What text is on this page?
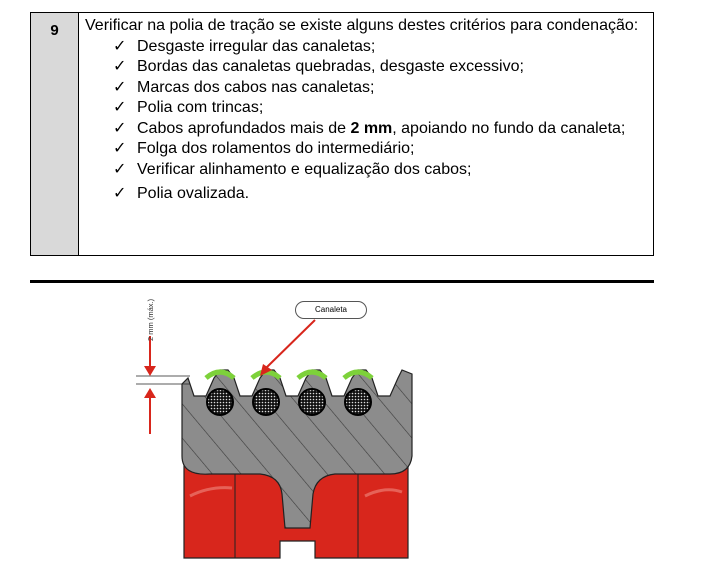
9	Verificar na polia de tração se existe alguns destes critérios para condenação:
✓ Desgaste irregular das canaletas;
✓ Bordas das canaletas quebradas, desgaste excessivo;
✓ Marcas dos cabos nas canaletas;
✓ Polia com trincas;
✓ Cabos aprofundados mais de 2 mm, apoiando no fundo da canaleta;
✓ Folga dos rolamentos do intermediário;
✓ Verificar alinhamento e equalização dos cabos;
✓ Polia ovalizada.
Canaleta
2 mm (máx.)
